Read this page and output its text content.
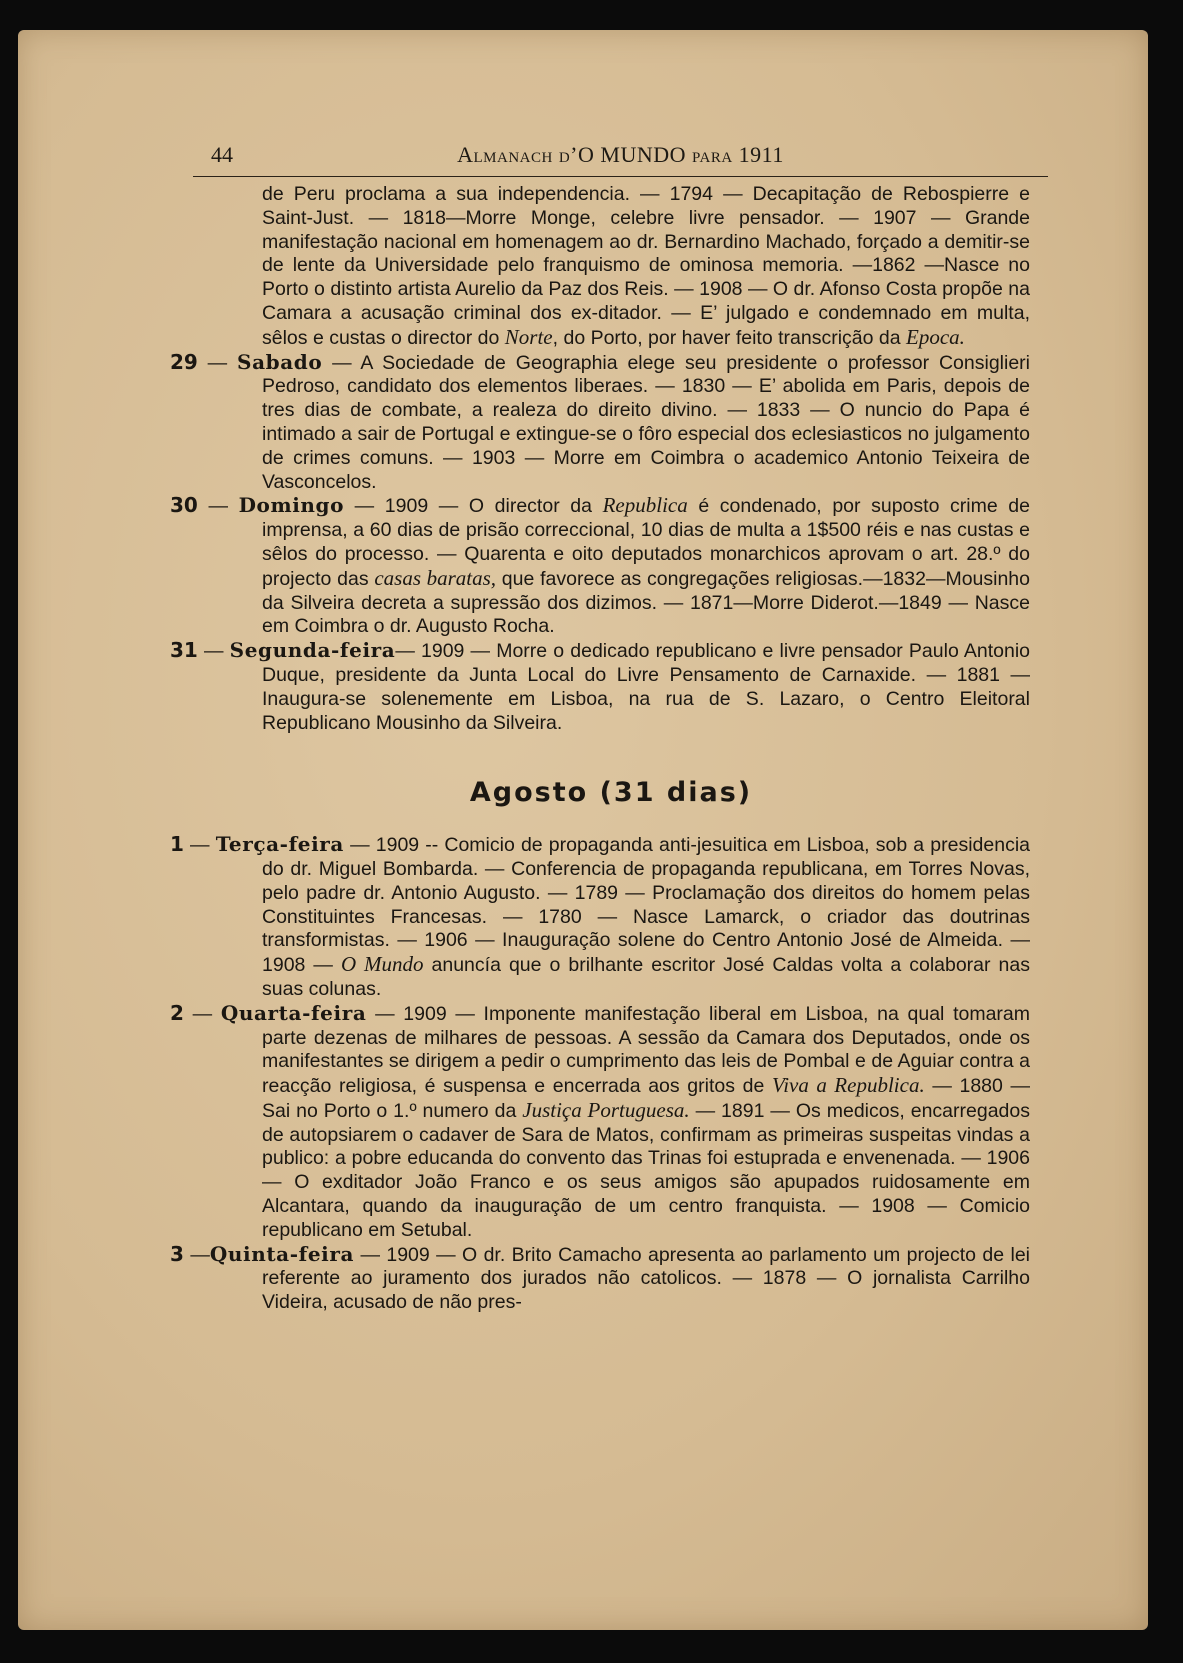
44	Almanach d’O MUNDO para 1911

de Peru proclama a sua independencia. — 1794 — Decapitação de Rebospierre e Saint-Just. — 1818—Morre Monge, celebre livre pensador. — 1907 — Grande manifestação nacional em homenagem ao dr. Bernardino Machado, forçado a demitir-se de lente da Universidade pelo franquismo de ominosa memoria. —1862 —Nasce no Porto o distinto artista Aurelio da Paz dos Reis. — 1908 — O dr. Afonso Costa propõe na Camara a acusação criminal dos ex-ditador. — E’ julgado e condemnado em multa, sêlos e custas o director do Norte, do Porto, por haver feito transcrição da Epoca.

29 — Sabado — A Sociedade de Geographia elege seu presidente o professor Consiglieri Pedroso, candidato dos elementos liberaes. — 1830 — E’ abolida em Paris, depois de tres dias de combate, a realeza do direito divino. — 1833 — O nuncio do Papa é intimado a sair de Portugal e extingue-se o fôro especial dos eclesiasticos no julgamento de crimes comuns. — 1903 — Morre em Coimbra o academico Antonio Teixeira de Vasconcelos.

30 — Domingo — 1909 — O director da Republica é condenado, por suposto crime de imprensa, a 60 dias de prisão correccional, 10 dias de multa a 1$500 réis e nas custas e sêlos do processo. — Quarenta e oito deputados monarchicos aprovam o art. 28.º do projecto das casas baratas, que favorece as congregações religiosas.—1832—Mousinho da Silveira decreta a supressão dos dizimos. — 1871—Morre Diderot.—1849 — Nasce em Coimbra o dr. Augusto Rocha.

31 — Segunda-feira— 1909 — Morre o dedicado republicano e livre pensador Paulo Antonio Duque, presidente da Junta Local do Livre Pensamento de Carnaxide. — 1881 — Inaugura-se solenemente em Lisboa, na rua de S. Lazaro, o Centro Eleitoral Republicano Mousinho da Silveira.

Agosto (31 dias)

1 — Terça-feira — 1909 -- Comicio de propaganda anti-jesuitica em Lisboa, sob a presidencia do dr. Miguel Bombarda. — Conferencia de propaganda republicana, em Torres Novas, pelo padre dr. Antonio Augusto. — 1789 — Proclamação dos direitos do homem pelas Constituintes Francesas. — 1780 — Nasce Lamarck, o criador das doutrinas transformistas. — 1906 — Inauguração solene do Centro Antonio José de Almeida. — 1908 — O Mundo anuncía que o brilhante escritor José Caldas volta a colaborar nas suas colunas.

2 — Quarta-feira — 1909 — Imponente manifestação liberal em Lisboa, na qual tomaram parte dezenas de milhares de pessoas. A sessão da Camara dos Deputados, onde os manifestantes se dirigem a pedir o cumprimento das leis de Pombal e de Aguiar contra a reacção religiosa, é suspensa e encerrada aos gritos de Viva a Republica. — 1880 — Sai no Porto o 1.º numero da Justiça Portuguesa. — 1891 — Os medicos, encarregados de autopsiarem o cadaver de Sara de Matos, confirmam as primeiras suspeitas vindas a publico: a pobre educanda do convento das Trinas foi estuprada e envenenada. — 1906 — O exditador João Franco e os seus amigos são apupados ruidosamente em Alcantara, quando da inauguração de um centro franquista. — 1908 — Comicio republicano em Setubal.

3 —Quinta-feira — 1909 — O dr. Brito Camacho apresenta ao parlamento um projecto de lei referente ao juramento dos jurados não catolicos. — 1878 — O jornalista Carrilho Videira, acusado de não pres-
